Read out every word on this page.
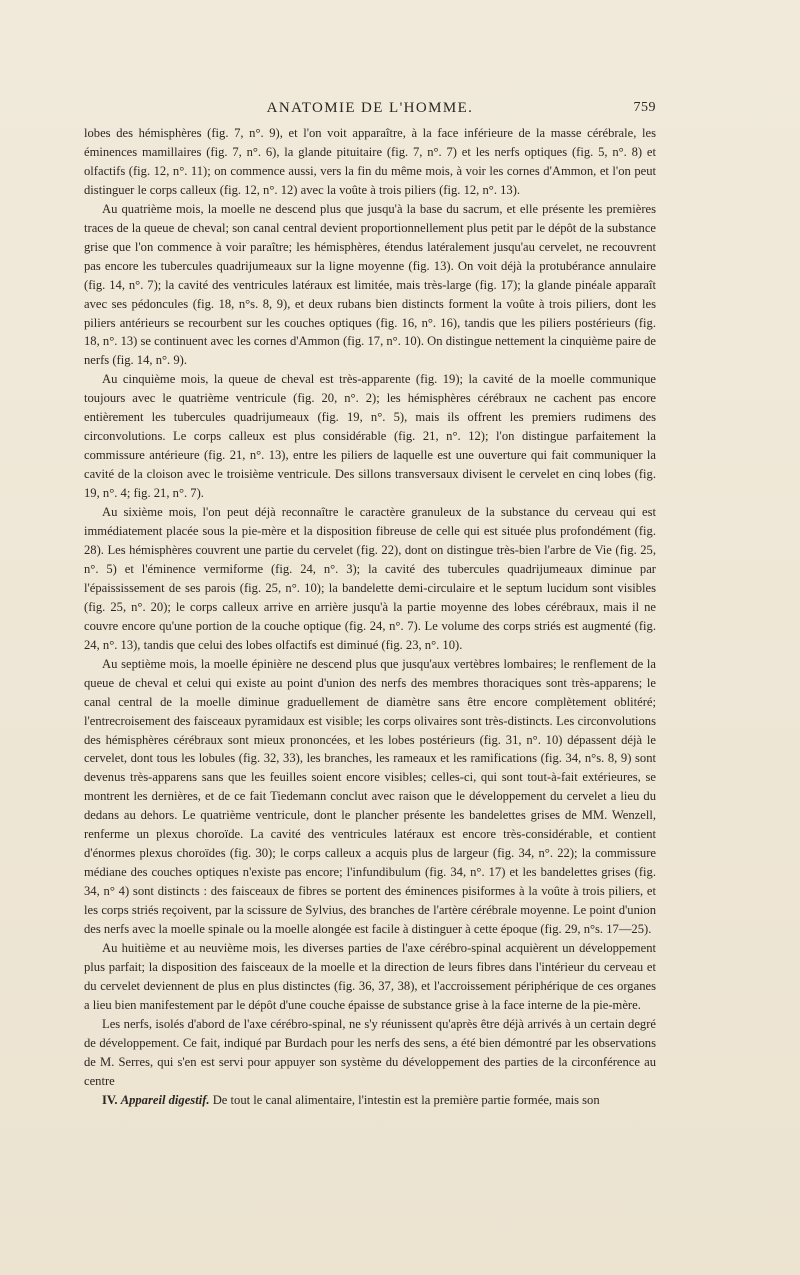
ANATOMIE DE L'HOMME.	759

lobes des hémisphères (fig. 7, n°. 9), et l'on voit apparaître, à la face inférieure de la masse cérébrale, les éminences mamillaires (fig. 7, n°. 6), la glande pituitaire (fig. 7, n°. 7) et les nerfs optiques (fig. 5, n°. 8) et olfactifs (fig. 12, n°. 11); on commence aussi, vers la fin du même mois, à voir les cornes d'Ammon, et l'on peut distinguer le corps calleux (fig. 12, n°. 12) avec la voûte à trois piliers (fig. 12, n°. 13).

Au quatrième mois, la moelle ne descend plus que jusqu'à la base du sacrum, et elle présente les premières traces de la queue de cheval; son canal central devient proportionnellement plus petit par le dépôt de la substance grise que l'on commence à voir paraître; les hémisphères, étendus latéralement jusqu'au cervelet, ne recouvrent pas encore les tubercules quadrijumeaux sur la ligne moyenne (fig. 13). On voit déjà la protubérance annulaire (fig. 14, n°. 7); la cavité des ventricules latéraux est limitée, mais très-large (fig. 17); la glande pinéale apparaît avec ses pédoncules (fig. 18, n°s. 8, 9), et deux rubans bien distincts forment la voûte à trois piliers, dont les piliers antérieurs se recourbent sur les couches optiques (fig. 16, n°. 16), tandis que les piliers postérieurs (fig. 18, n°. 13) se continuent avec les cornes d'Ammon (fig. 17, n°. 10). On distingue nettement la cinquième paire de nerfs (fig. 14, n°. 9).

Au cinquième mois, la queue de cheval est très-apparente (fig. 19); la cavité de la moelle communique toujours avec le quatrième ventricule (fig. 20, n°. 2); les hémisphères cérébraux ne cachent pas encore entièrement les tubercules quadrijumeaux (fig. 19, n°. 5), mais ils offrent les premiers rudimens des circonvolutions. Le corps calleux est plus considérable (fig. 21, n°. 12); l'on distingue parfaitement la commissure antérieure (fig. 21, n°. 13), entre les piliers de laquelle est une ouverture qui fait communiquer la cavité de la cloison avec le troisième ventricule. Des sillons transversaux divisent le cervelet en cinq lobes (fig. 19, n°. 4; fig. 21, n°. 7).

Au sixième mois, l'on peut déjà reconnaître le caractère granuleux de la substance du cerveau qui est immédiatement placée sous la pie-mère et la disposition fibreuse de celle qui est située plus profondément (fig. 28). Les hémisphères couvrent une partie du cervelet (fig. 22), dont on distingue très-bien l'arbre de Vie (fig. 25, n°. 5) et l'éminence vermiforme (fig. 24, n°. 3); la cavité des tubercules quadrijumeaux diminue par l'épaississement de ses parois (fig. 25, n°. 10); la bandelette demi-circulaire et le septum lucidum sont visibles (fig. 25, n°. 20); le corps calleux arrive en arrière jusqu'à la partie moyenne des lobes cérébraux, mais il ne couvre encore qu'une portion de la couche optique (fig. 24, n°. 7). Le volume des corps striés est augmenté (fig. 24, n°. 13), tandis que celui des lobes olfactifs est diminué (fig. 23, n°. 10).

Au septième mois, la moelle épinière ne descend plus que jusqu'aux vertèbres lombaires; le renflement de la queue de cheval et celui qui existe au point d'union des nerfs des membres thoraciques sont très-apparens; le canal central de la moelle diminue graduellement de diamètre sans être encore complètement oblitéré; l'entrecroisement des faisceaux pyramidaux est visible; les corps olivaires sont très-distincts. Les circonvolutions des hémisphères cérébraux sont mieux prononcées, et les lobes postérieurs (fig. 31, n°. 10) dépassent déjà le cervelet, dont tous les lobules (fig. 32, 33), les branches, les rameaux et les ramifications (fig. 34, n°s. 8, 9) sont devenus très-apparens sans que les feuilles soient encore visibles; celles-ci, qui sont tout-à-fait extérieures, se montrent les dernières, et de ce fait Tiedemann conclut avec raison que le développement du cervelet a lieu du dedans au dehors. Le quatrième ventricule, dont le plancher présente les bandelettes grises de MM. Wenzell, renferme un plexus choroïde. La cavité des ventricules latéraux est encore très-considérable, et contient d'énormes plexus choroïdes (fig. 30); le corps calleux a acquis plus de largeur (fig. 34, n°. 22); la commissure médiane des couches optiques n'existe pas encore; l'infundibulum (fig. 34, n°. 17) et les bandelettes grises (fig. 34, n° 4) sont distincts : des faisceaux de fibres se portent des éminences pisiformes à la voûte à trois piliers, et les corps striés reçoivent, par la scissure de Sylvius, des branches de l'artère cérébrale moyenne. Le point d'union des nerfs avec la moelle spinale ou la moelle alongée est facile à distinguer à cette époque (fig. 29, n°s. 17—25).

Au huitième et au neuvième mois, les diverses parties de l'axe cérébro-spinal acquièrent un développement plus parfait; la disposition des faisceaux de la moelle et la direction de leurs fibres dans l'intérieur du cerveau et du cervelet deviennent de plus en plus distinctes (fig. 36, 37, 38), et l'accroissement périphérique de ces organes a lieu bien manifestement par le dépôt d'une couche épaisse de substance grise à la face interne de la pie-mère.

Les nerfs, isolés d'abord de l'axe cérébro-spinal, ne s'y réunissent qu'après être déjà arrivés à un certain degré de développement. Ce fait, indiqué par Burdach pour les nerfs des sens, a été bien démontré par les observations de M. Serres, qui s'en est servi pour appuyer son système du développement des parties de la circonférence au centre

IV. Appareil digestif. De tout le canal alimentaire, l'intestin est la première partie formée, mais son
